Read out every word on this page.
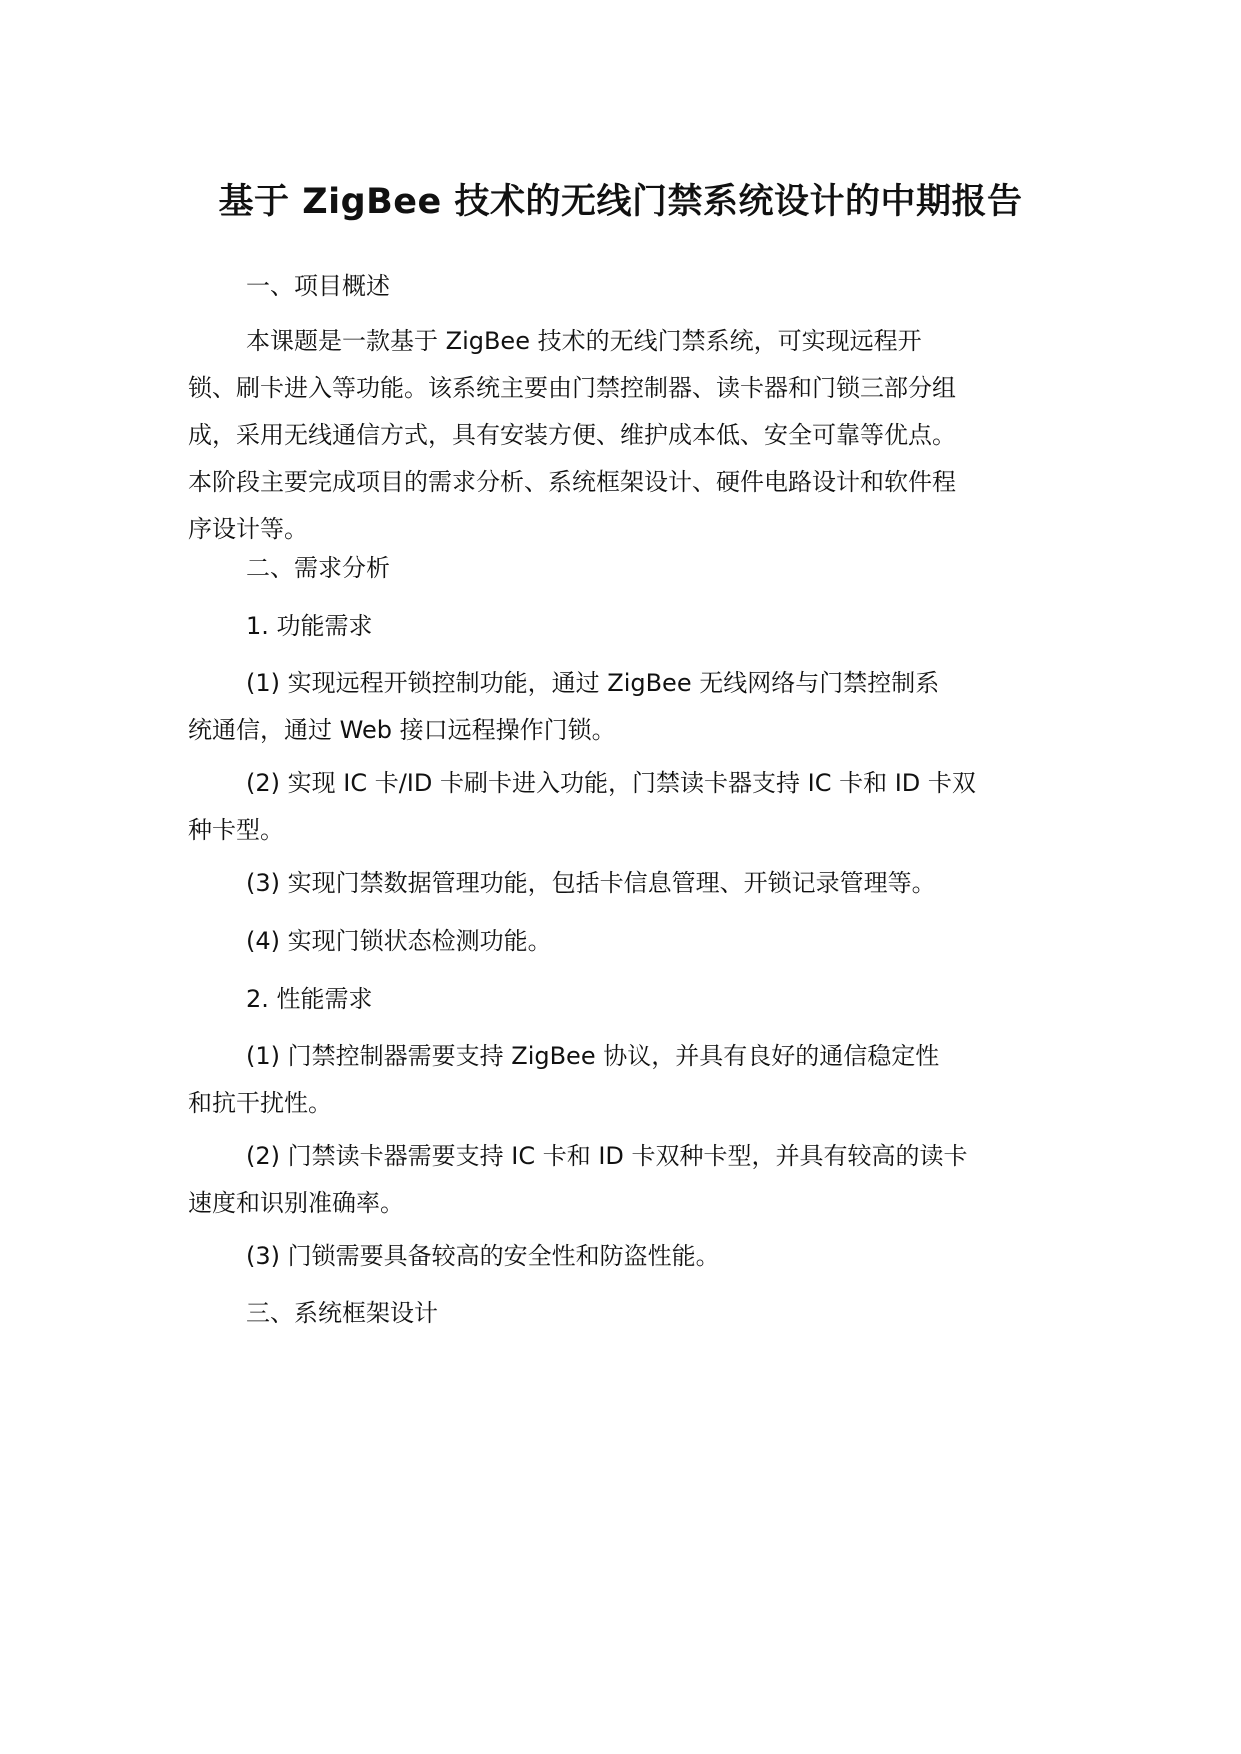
基于 ZigBee 技术的无线门禁系统设计的中期报告

一、项目概述

本课题是一款基于 ZigBee 技术的无线门禁系统，可实现远程开锁、刷卡进入等功能。该系统主要由门禁控制器、读卡器和门锁三部分组成，采用无线通信方式，具有安装方便、维护成本低、安全可靠等优点。本阶段主要完成项目的需求分析、系统框架设计、硬件电路设计和软件程序设计等。

二、需求分析

1. 功能需求

(1) 实现远程开锁控制功能，通过 ZigBee 无线网络与门禁控制系统通信，通过 Web 接口远程操作门锁。

(2) 实现 IC 卡/ID 卡刷卡进入功能，门禁读卡器支持 IC 卡和 ID 卡双种卡型。

(3) 实现门禁数据管理功能，包括卡信息管理、开锁记录管理等。

(4) 实现门锁状态检测功能。

2. 性能需求

(1) 门禁控制器需要支持 ZigBee 协议，并具有良好的通信稳定性和抗干扰性。

(2) 门禁读卡器需要支持 IC 卡和 ID 卡双种卡型，并具有较高的读卡速度和识别准确率。

(3) 门锁需要具备较高的安全性和防盗性能。

三、系统框架设计
